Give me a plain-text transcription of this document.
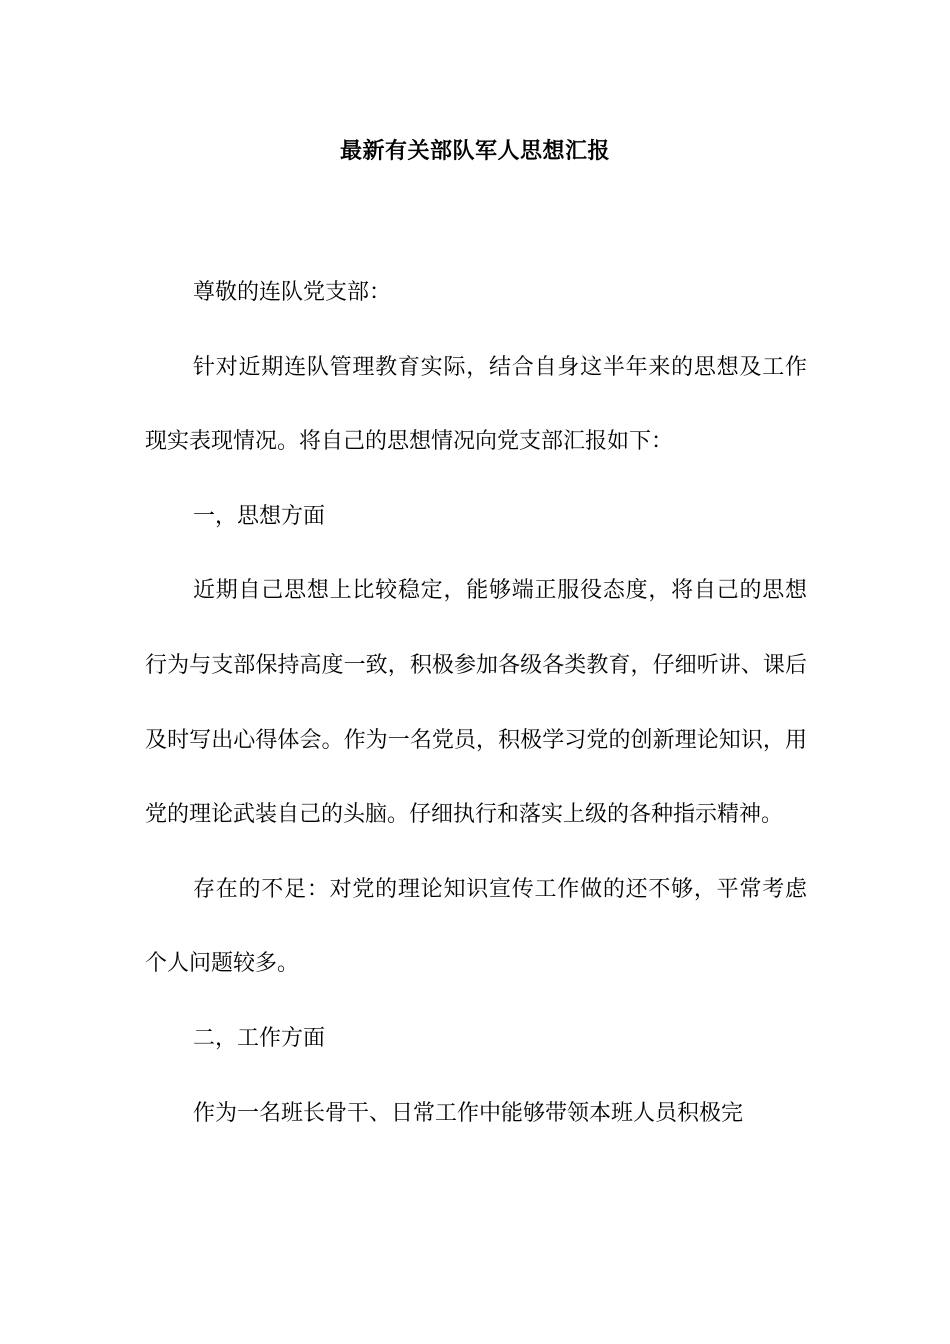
最新有关部队军人思想汇报

尊敬的连队党支部：

针对近期连队管理教育实际，结合自身这半年来的思想及工作现实表现情况。将自己的思想情况向党支部汇报如下：

一，思想方面

近期自己思想上比较稳定，能够端正服役态度，将自己的思想行为与支部保持高度一致，积极参加各级各类教育，仔细听讲、课后及时写出心得体会。作为一名党员，积极学习党的创新理论知识，用党的理论武装自己的头脑。仔细执行和落实上级的各种指示精神。

存在的不足：对党的理论知识宣传工作做的还不够，平常考虑个人问题较多。

二，工作方面

作为一名班长骨干、日常工作中能够带领本班人员积极完
